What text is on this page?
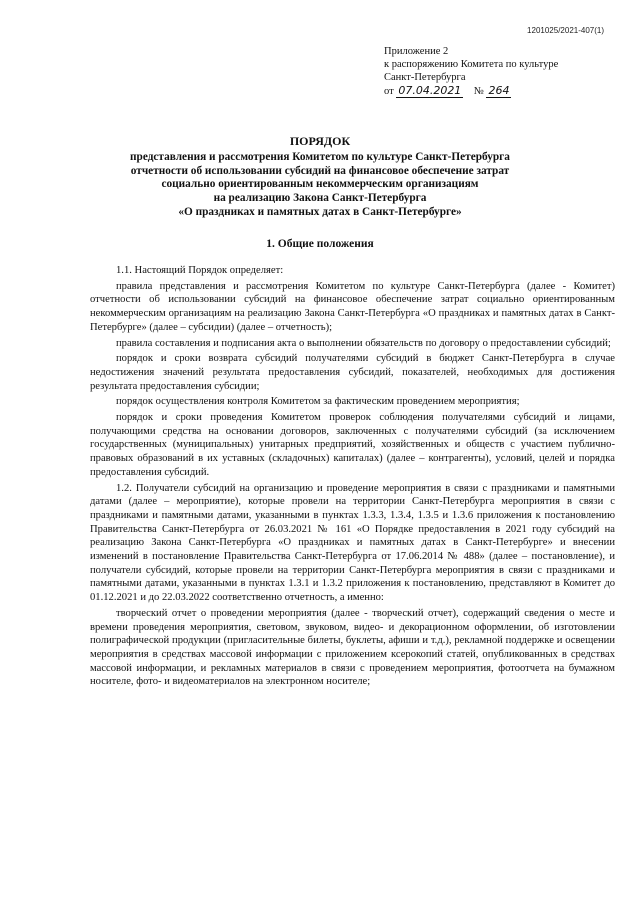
1201025/2021-407(1)
Приложение 2
к распоряжению Комитета по культуре
Санкт-Петербурга
от 07.04.2021 № 264
ПОРЯДОК
представления и рассмотрения Комитетом по культуре Санкт-Петербурга
отчетности об использовании субсидий на финансовое обеспечение затрат
социально ориентированным некоммерческим организациям
на реализацию Закона Санкт-Петербурга
«О праздниках и памятных датах в Санкт-Петербурге»
1. Общие положения

1.1. Настоящий Порядок определяет:

правила представления и рассмотрения Комитетом по культуре Санкт-Петербурга (далее - Комитет) отчетности об использовании субсидий на финансовое обеспечение затрат социально ориентированным некоммерческим организациям на реализацию Закона Санкт-Петербурга «О праздниках и памятных датах в Санкт-Петербурге» (далее – субсидии) (далее – отчетность);

правила составления и подписания акта о выполнении обязательств по договору о предоставлении субсидий;

порядок и сроки возврата субсидий получателями субсидий в бюджет Санкт-Петербурга в случае недостижения значений результата предоставления субсидий, показателей, необходимых для достижения результата предоставления субсидии;

порядок осуществления контроля Комитетом за фактическим проведением мероприятия;

порядок и сроки проведения Комитетом проверок соблюдения получателями субсидий и лицами, получающими средства на основании договоров, заключенных с получателями субсидий (за исключением государственных (муниципальных) унитарных предприятий, хозяйственных и обществ с участием публично-правовых образований в их уставных (складочных) капиталах) (далее – контрагенты), условий, целей и порядка предоставления субсидий.

1.2. Получатели субсидий на организацию и проведение мероприятия в связи с праздниками и памятными датами (далее – мероприятие), которые провели на территории Санкт-Петербурга мероприятия в связи с праздниками и памятными датами, указанными в пунктах 1.3.3, 1.3.4, 1.3.5 и 1.3.6 приложения к постановлению Правительства Санкт-Петербурга от 26.03.2021 № 161 «О Порядке предоставления в 2021 году субсидий на реализацию Закона Санкт-Петербурга «О праздниках и памятных датах в Санкт-Петербурге» и внесении изменений в постановление Правительства Санкт-Петербурга от 17.06.2014 № 488» (далее – постановление), и получатели субсидий, которые провели на территории Санкт-Петербурга мероприятия в связи с праздниками и памятными датами, указанными в пунктах 1.3.1 и 1.3.2 приложения к постановлению, представляют в Комитет до 01.12.2021 и до 22.03.2022 соответственно отчетность, а именно:

творческий отчет о проведении мероприятия (далее - творческий отчет), содержащий сведения о месте и времени проведения мероприятия, световом, звуковом, видео- и декорационном оформлении, об изготовлении полиграфической продукции (пригласительные билеты, буклеты, афиши и т.д.), рекламной поддержке и освещении мероприятия в средствах массовой информации с приложением ксерокопий статей, опубликованных в средствах массовой информации, и рекламных материалов в связи с проведением мероприятия, фотоотчета на бумажном носителе, фото- и видеоматериалов на электронном носителе;
